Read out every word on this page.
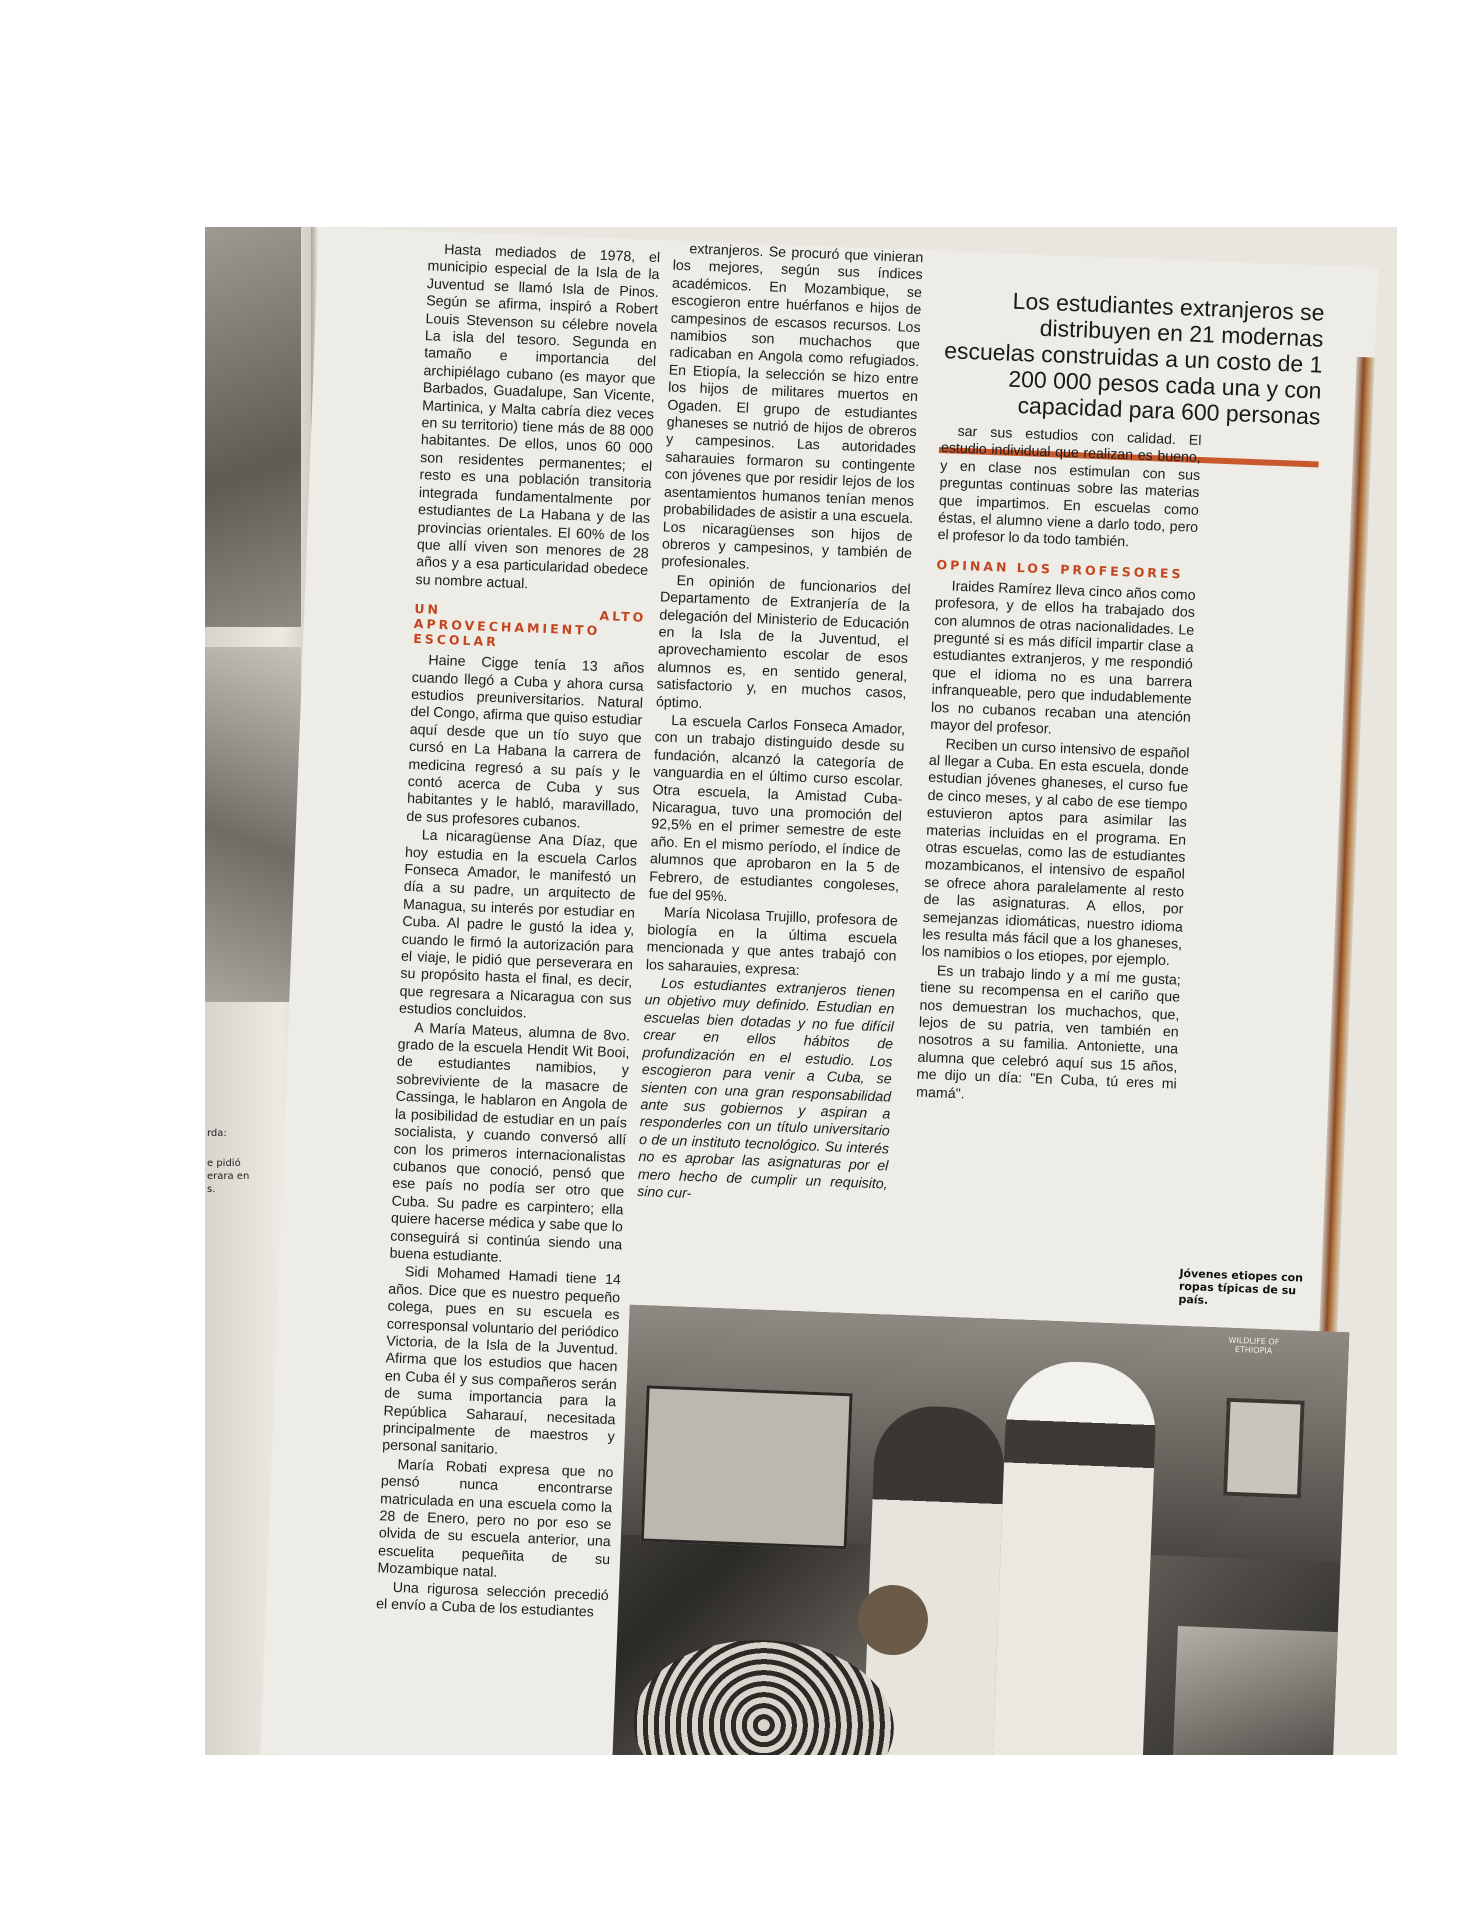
rda:
e pidió
erara en
s.

Hasta mediados de 1978, el municipio especial de la Isla de la Juventud se llamó Isla de Pinos. Según se afirma, inspiró a Robert Louis Stevenson su célebre novela La isla del tesoro. Segunda en tamaño e importancia del archipiélago cubano (es mayor que Barbados, Guadalupe, San Vicente, Martinica, y Malta cabría diez veces en su territorio) tiene más de 88 000 habitantes. De ellos, unos 60 000 son residentes permanentes; el resto es una población transitoria integrada fundamentalmente por estudiantes de La Habana y de las provincias orientales. El 60% de los que allí viven son menores de 28 años y a esa particularidad obedece su nombre actual.

UN ALTO APROVECHAMIENTO ESCOLAR

Haine Cigge tenía 13 años cuando llegó a Cuba y ahora cursa estudios preuniversitarios. Natural del Congo, afirma que quiso estudiar aquí desde que un tío suyo que cursó en La Habana la carrera de medicina regresó a su país y le contó acerca de Cuba y sus habitantes y le habló, maravillado, de sus profesores cubanos.

La nicaragüense Ana Díaz, que hoy estudia en la escuela Carlos Fonseca Amador, le manifestó un día a su padre, un arquitecto de Managua, su interés por estudiar en Cuba. Al padre le gustó la idea y, cuando le firmó la autorización para el viaje, le pidió que perseverara en su propósito hasta el final, es decir, que regresara a Nicaragua con sus estudios concluidos.

A María Mateus, alumna de 8vo. grado de la escuela Hendit Wit Booi, de estudiantes namibios, y sobreviviente de la masacre de Cassinga, le hablaron en Angola de la posibilidad de estudiar en un país socialista, y cuando conversó allí con los primeros internacionalistas cubanos que conoció, pensó que ese país no podía ser otro que Cuba. Su padre es carpintero; ella quiere hacerse médica y sabe que lo conseguirá si continúa siendo una buena estudiante.

Sidi Mohamed Hamadi tiene 14 años. Dice que es nuestro pequeño colega, pues en su escuela es corresponsal voluntario del periódico Victoria, de la Isla de la Juventud. Afirma que los estudios que hacen en Cuba él y sus compañeros serán de suma importancia para la República Saharauí, necesitada principalmente de maestros y personal sanitario.

María Robati expresa que no pensó nunca encontrarse matriculada en una escuela como la 28 de Enero, pero no por eso se olvida de su escuela anterior, una escuelita pequeñita de su Mozambique natal.

Una rigurosa selección precedió el envío a Cuba de los estudiantes

extranjeros. Se procuró que vinieran los mejores, según sus índices académicos. En Mozambique, se escogieron entre huérfanos e hijos de campesinos de escasos recursos. Los namibios son muchachos que radicaban en Angola como refugiados. En Etiopía, la selección se hizo entre los hijos de militares muertos en Ogaden. El grupo de estudiantes ghaneses se nutrió de hijos de obreros y campesinos. Las autoridades saharauies formaron su contingente con jóvenes que por residir lejos de los asentamientos humanos tenían menos probabilidades de asistir a una escuela. Los nicaragüenses son hijos de obreros y campesinos, y también de profesionales.

En opinión de funcionarios del Departamento de Extranjería de la delegación del Ministerio de Educación en la Isla de la Juventud, el aprovechamiento escolar de esos alumnos es, en sentido general, satisfactorio y, en muchos casos, óptimo.

La escuela Carlos Fonseca Amador, con un trabajo distinguido desde su fundación, alcanzó la categoría de vanguardia en el último curso escolar. Otra escuela, la Amistad Cuba-Nicaragua, tuvo una promoción del 92,5% en el primer semestre de este año. En el mismo período, el índice de alumnos que aprobaron en la 5 de Febrero, de estudiantes congoleses, fue del 95%.

María Nicolasa Trujillo, profesora de biología en la última escuela mencionada y que antes trabajó con los saharauies, expresa:

Los estudiantes extranjeros tienen un objetivo muy definido. Estudian en escuelas bien dotadas y no fue difícil crear en ellos hábitos de profundización en el estudio. Los escogieron para venir a Cuba, se sienten con una gran responsabilidad ante sus gobiernos y aspiran a responderles con un título universitario o de un instituto tecnológico. Su interés no es aprobar las asignaturas por el mero hecho de cumplir un requisito, sino cur-

Los estudiantes extranjeros se distribuyen en 21 modernas escuelas construidas a un costo de 1 200 000 pesos cada una y con capacidad para 600 personas

sar sus estudios con calidad. El estudio individual que realizan es bueno, y en clase nos estimulan con sus preguntas continuas sobre las materias que impartimos. En escuelas como éstas, el alumno viene a darlo todo, pero el profesor lo da todo también.

OPINAN LOS PROFESORES

Iraides Ramírez lleva cinco años como profesora, y de ellos ha trabajado dos con alumnos de otras nacionalidades. Le pregunté si es más difícil impartir clase a estudiantes extranjeros, y me respondió que el idioma no es una barrera infranqueable, pero que indudablemente los no cubanos recaban una atención mayor del profesor.

Reciben un curso intensivo de español al llegar a Cuba. En esta escuela, donde estudian jóvenes ghaneses, el curso fue de cinco meses, y al cabo de ese tiempo estuvieron aptos para asimilar las materias incluidas en el programa. En otras escuelas, como las de estudiantes mozambicanos, el intensivo de español se ofrece ahora paralelamente al resto de las asignaturas. A ellos, por semejanzas idiomáticas, nuestro idioma les resulta más fácil que a los ghaneses, los namibios o los etiopes, por ejemplo.

Es un trabajo lindo y a mí me gusta; tiene su recompensa en el cariño que nos demuestran los muchachos, que, lejos de su patria, ven también en nosotros a su familia. Antoniette, una alumna que celebró aquí sus 15 años, me dijo un día: "En Cuba, tú eres mi mamá".

Jóvenes etiopes con ropas típicas de su país.
WILDLIFE OF ETHIOPIA
